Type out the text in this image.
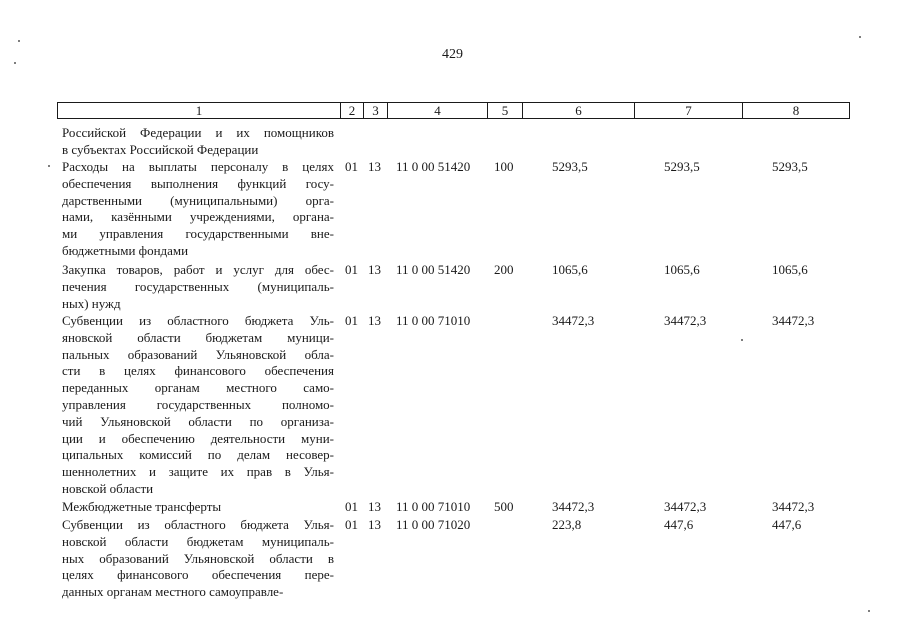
429
1	2	3	4	5	6	7	8
Российской Федерации и их помощников
в субъектах Российской Федерации
Расходы на выплаты персоналу в целях
обеспечения выполнения функций госу-
дарственными (муниципальными) орга-
нами, казёнными учреждениями, органа-
ми управления государственными вне-
бюджетными фондами
01 13 11 0 00 51420 100	5293,5	5293,5	5293,5
Закупка товаров, работ и услуг для обес-
печения государственных (муниципаль-
ных) нужд
01 13 11 0 00 51420 200	1065,6	1065,6	1065,6
Субвенции из областного бюджета Уль-
яновской области бюджетам муници-
пальных образований Ульяновской обла-
сти в целях финансового обеспечения
переданных органам местного само-
управления государственных полномо-
чий Ульяновской области по организа-
ции и обеспечению деятельности муни-
ципальных комиссий по делам несовер-
шеннолетних и защите их прав в Улья-
новской области
01 13 11 0 00 71010	34472,3	34472,3	34472,3
Межбюджетные трансферты	01 13 11 0 00 71010 500	34472,3	34472,3	34472,3
Субвенции из областного бюджета Улья-
новской области бюджетам муниципаль-
ных образований Ульяновской области в
целях финансового обеспечения пере-
данных органам местного самоуправле-
01 13 11 0 00 71020	223,8	447,6	447,6
